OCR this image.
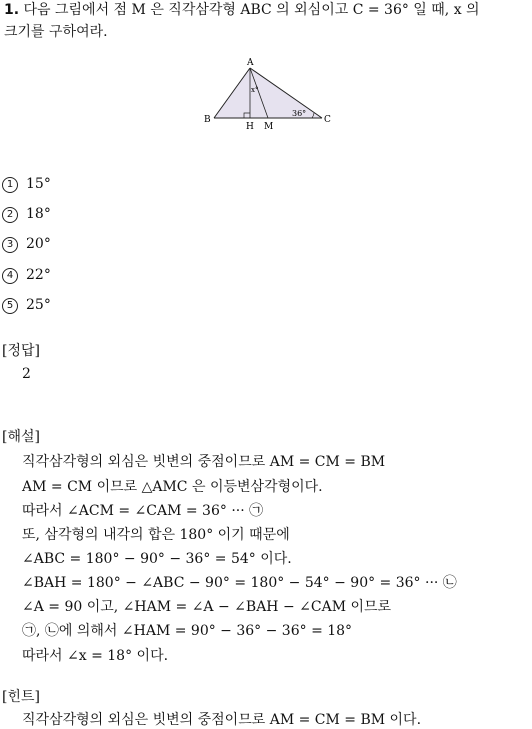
1. 다음 그림에서 점 M 은 직각삼각형 ABC 의 외심이고 C = 36° 일 때, x 의
크기를 구하여라.
A
B	C
H M
x°
36°
1 15°
2 18°
3 20°
4 22°
5 25°
[정답]
2
[해설]
직각삼각형의 외심은 빗변의 중점이므로 AM = CM = BM
AM = CM 이므로 △AMC 은 이등변삼각형이다.
따라서 ∠ACM = ∠CAM = 36° ··· ㉠
또, 삼각형의 내각의 합은 180° 이기 때문에
∠ABC = 180° − 90° − 36° = 54° 이다.
∠BAH = 180° − ∠ABC − 90° = 180° − 54° − 90° = 36° ··· ㉡
∠A = 90 이고, ∠HAM = ∠A − ∠BAH − ∠CAM 이므로
㉠, ㉡에 의해서 ∠HAM = 90° − 36° − 36° = 18°
따라서 ∠x = 18° 이다.
[힌트]
직각삼각형의 외심은 빗변의 중점이므로 AM = CM = BM 이다.
